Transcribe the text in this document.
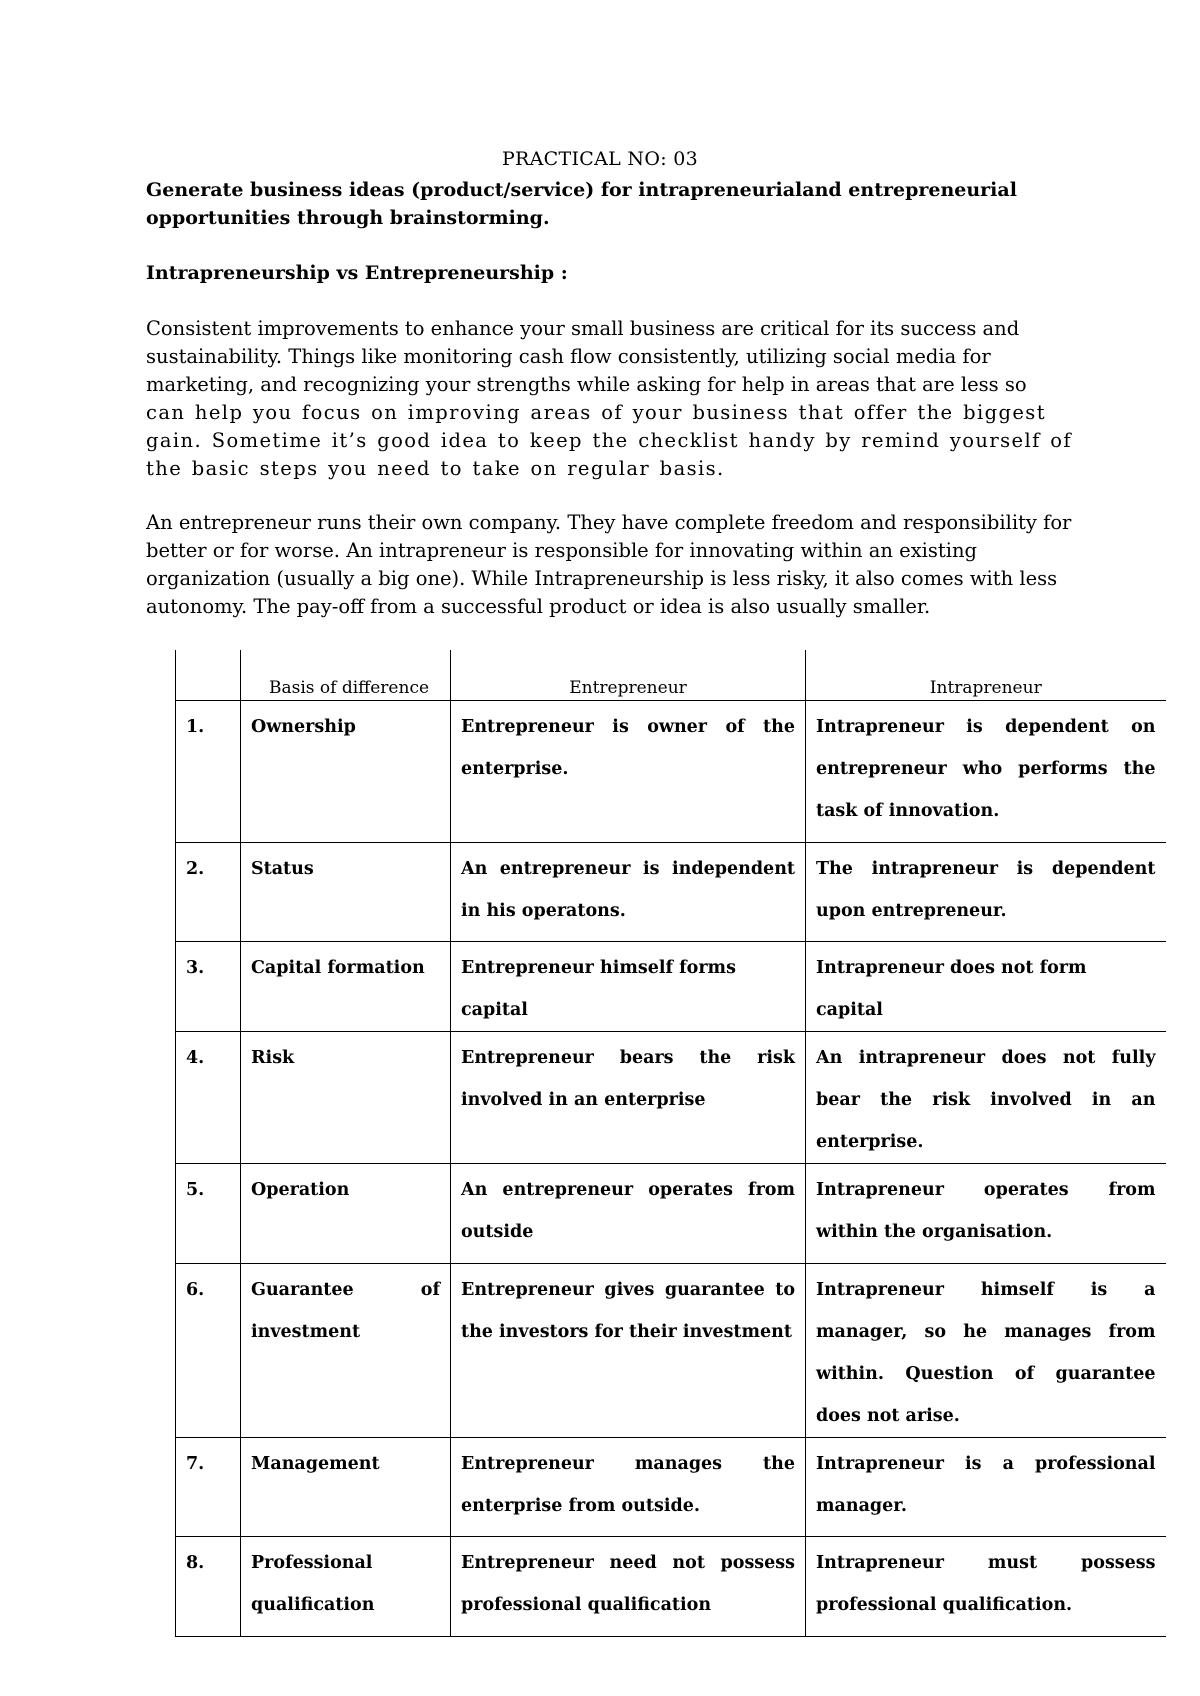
PRACTICAL NO: 03
Generate business ideas (product/service) for intrapreneurialand entrepreneurial
opportunities through brainstorming.
Intrapreneurship vs Entrepreneurship :
Consistent improvements to enhance your small business are critical for its success and
sustainability. Things like monitoring cash flow consistently, utilizing social media for
marketing, and recognizing your strengths while asking for help in areas that are less so
can help you focus on improving areas of your business that offer the biggest
gain. Sometime it’s good idea to keep the checklist handy by remind yourself of
the basic steps you need to take on regular basis.
An entrepreneur runs their own company. They have complete freedom and responsibility for
better or for worse. An intrapreneur is responsible for innovating within an existing
organization (usually a big one). While Intrapreneurship is less risky, it also comes with less
autonomy. The pay-off from a successful product or idea is also usually smaller.

	Basis of difference	Entrepreneur	Intrapreneur

1.	Ownership	Entrepreneur is owner of the enterprise.	Intrapreneur is dependent on entrepreneur who performs the task of innovation.
2.	Status	An entrepreneur is independent in his operatons.	The intrapreneur is dependent upon entrepreneur.
3.	Capital formation	Entrepreneur himself forms capital	Intrapreneur does not form capital
4.	Risk	Entrepreneur bears the risk involved in an enterprise	An intrapreneur does not fully bear the risk involved in an enterprise.
5.	Operation	An entrepreneur operates from outside	Intrapreneur operates from within the organisation.
6.	Guarantee of investment	Entrepreneur gives guarantee to the investors for their investment	Intrapreneur himself is a manager, so he manages from within. Question of guarantee does not arise.
7.	Management	Entrepreneur manages the enterprise from outside.	Intrapreneur is a professional manager.
8.	Professional qualification	Entrepreneur need not possess professional qualification	Intrapreneur must possess professional qualification.
